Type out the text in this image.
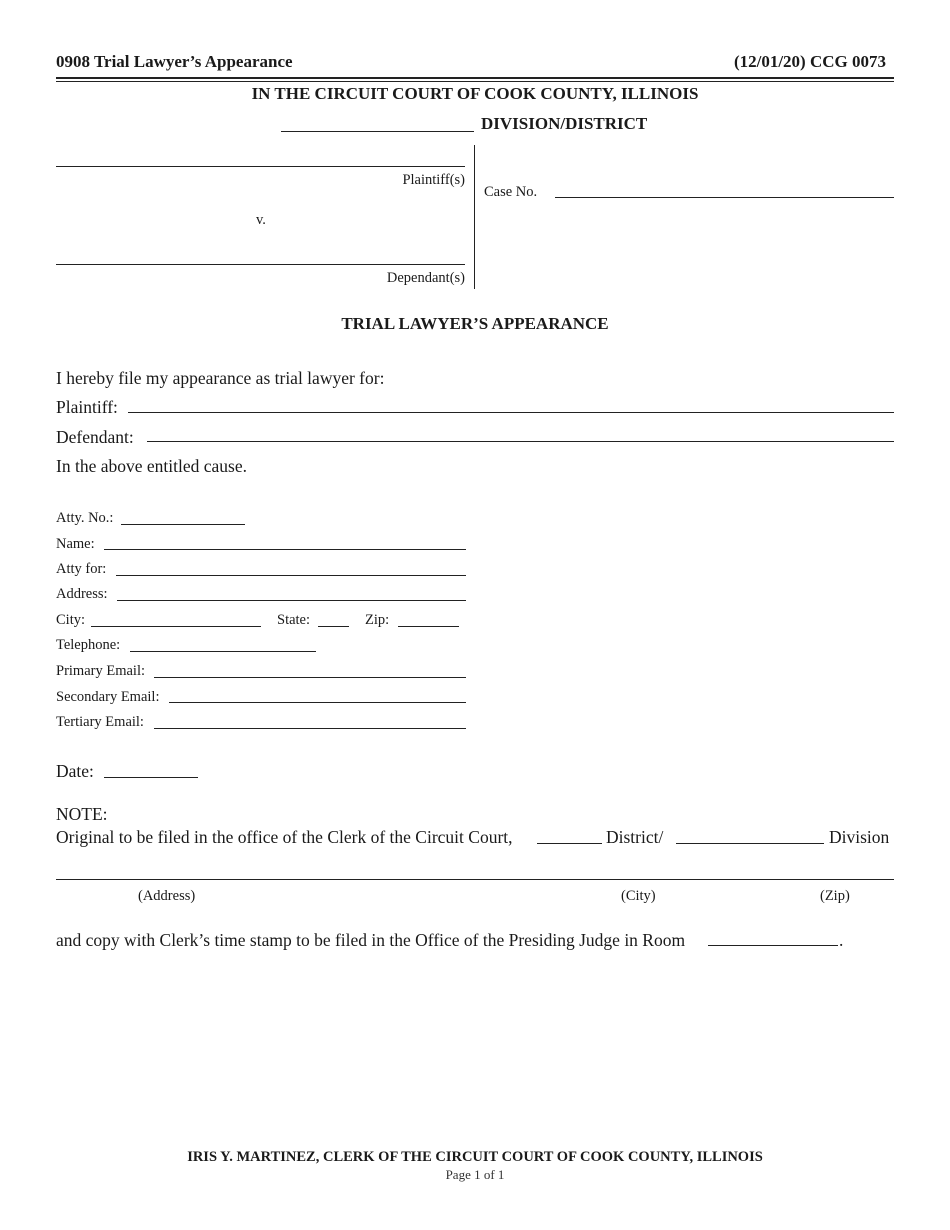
0908 Trial Lawyer’s Appearance	(12/01/20) CCG 0073
IN THE CIRCUIT COURT OF COOK COUNTY, ILLINOIS
DIVISION/DISTRICT
Plaintiff(s)
v.
Dependant(s)
Case No.
TRIAL LAWYER’S APPEARANCE
I hereby file my appearance as trial lawyer for:
Plaintiff:
Defendant:
In the above entitled cause.
Atty. No.:
Name:
Atty for:
Address:
City:	State:	Zip:
Telephone:
Primary Email:
Secondary Email:
Tertiary Email:
Date:
NOTE:
Original to be filed in the office of the Clerk of the Circuit Court,	District/	Division
(Address)	(City)	(Zip)
and copy with Clerk’s time stamp to be filed in the Office of the Presiding Judge in Room	.
IRIS Y. MARTINEZ, CLERK OF THE CIRCUIT COURT OF COOK COUNTY, ILLINOIS
Page 1 of 1
